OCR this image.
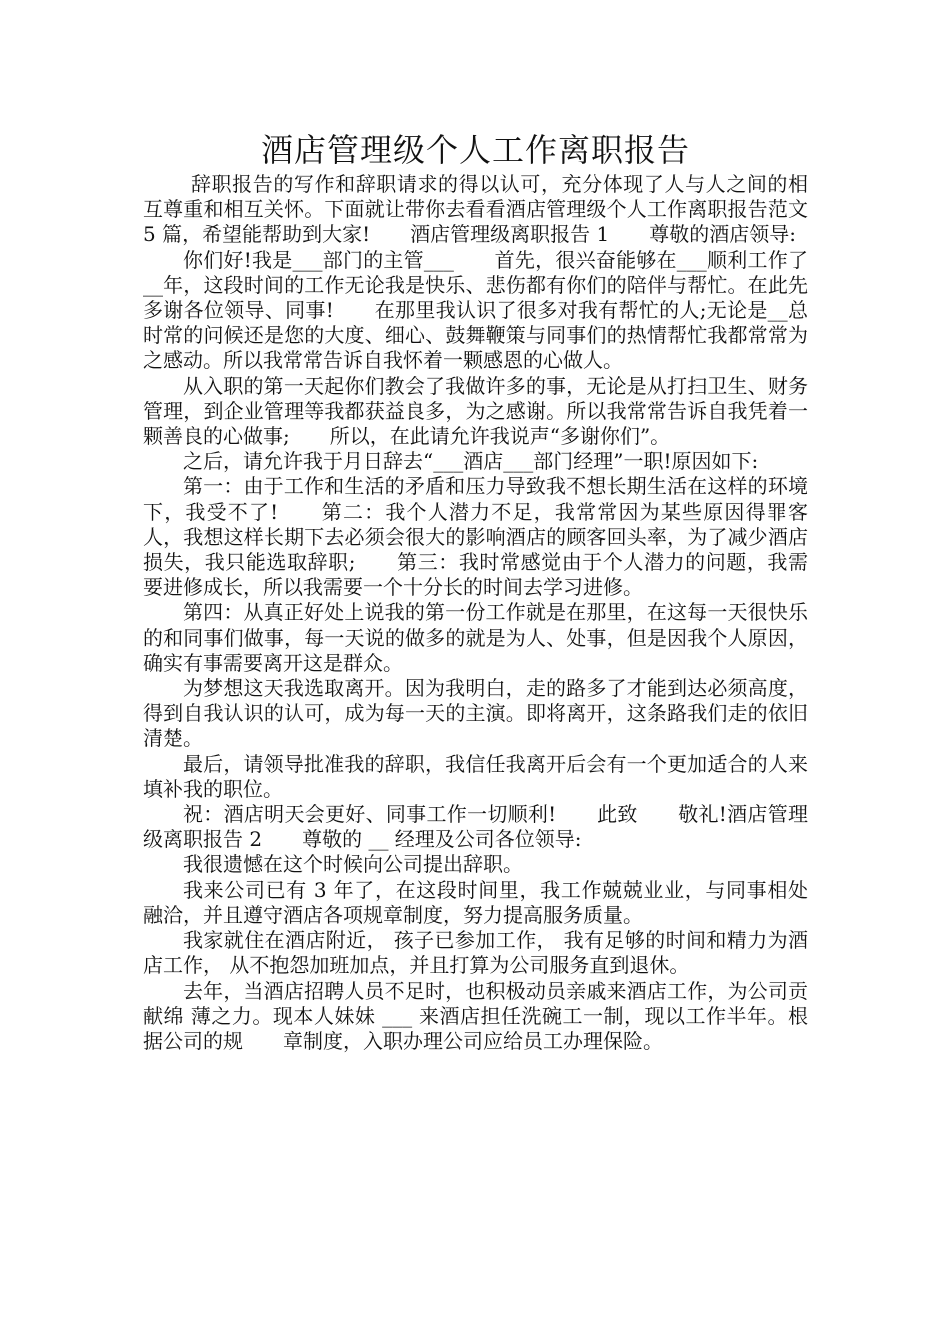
酒店管理级个人工作离职报告

辞职报告的写作和辞职请求的得以认可，充分体现了人与人之间的相互尊重和相互关怀。下面就让带你去看看酒店管理级个人工作离职报告范文 5 篇，希望能帮助到大家!　　酒店管理级离职报告 1　　尊敬的酒店领导:

你们好!我是___部门的主管___　　首先，很兴奋能够在___顺利工作了__年，这段时间的工作无论我是快乐、悲伤都有你们的陪伴与帮忙。在此先多谢各位领导、同事!　　在那里我认识了很多对我有帮忙的人;无论是__总时常的问候还是您的大度、细心、鼓舞鞭策与同事们的热情帮忙我都常常为之感动。所以我常常告诉自我怀着一颗感恩的心做人。

从入职的第一天起你们教会了我做许多的事，无论是从打扫卫生、财务管理，到企业管理等我都获益良多，为之感谢。所以我常常告诉自我凭着一颗善良的心做事;　　所以，在此请允许我说声“多谢你们”。

之后，请允许我于月日辞去“___酒店___部门经理”一职!原因如下:

第一：由于工作和生活的矛盾和压力导致我不想长期生活在这样的环境下，我受不了!　　第二：我个人潜力不足，我常常因为某些原因得罪客人，我想这样长期下去必须会很大的影响酒店的顾客回头率，为了减少酒店损失，我只能选取辞职;　　第三：我时常感觉由于个人潜力的问题，我需要进修成长，所以我需要一个十分长的时间去学习进修。

第四：从真正好处上说我的第一份工作就是在那里，在这每一天很快乐的和同事们做事，每一天说的做多的就是为人、处事，但是因我个人原因，确实有事需要离开这是群众。

为梦想这天我选取离开。因为我明白，走的路多了才能到达必须高度，得到自我认识的认可，成为每一天的主演。即将离开，这条路我们走的依旧清楚。

最后，请领导批准我的辞职，我信任我离开后会有一个更加适合的人来填补我的职位。

祝：酒店明天会更好、同事工作一切顺利!　　此致　　敬礼!酒店管理级离职报告 2　　尊敬的 __ 经理及公司各位领导:

我很遗憾在这个时候向公司提出辞职。

我来公司已有 3 年了，在这段时间里，我工作兢兢业业，与同事相处融洽，并且遵守酒店各项规章制度，努力提高服务质量。

我家就住在酒店附近， 孩子已参加工作， 我有足够的时间和精力为酒店工作， 从不抱怨加班加点，并且打算为公司服务直到退休。

去年，当酒店招聘人员不足时，也积极动员亲戚来酒店工作，为公司贡献绵 薄之力。现本人妹妹 ___ 来酒店担任洗碗工一制，现以工作半年。根据公司的规　　章制度，入职办理公司应给员工办理保险。
